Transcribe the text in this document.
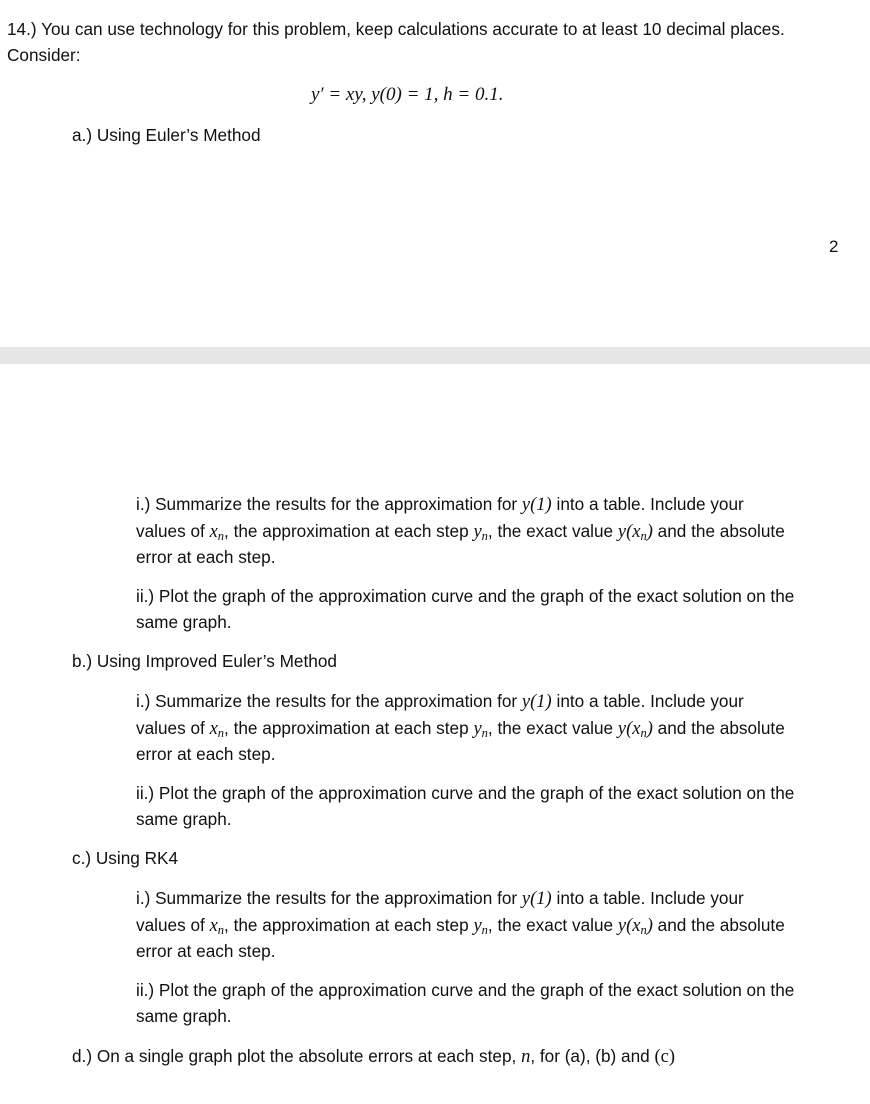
14.) You can use technology for this problem, keep calculations accurate to at least 10 decimal places.
Consider:
y′ = xy, y(0) = 1, h = 0.1.
a.) Using Euler’s Method
2
i.) Summarize the results for the approximation for y(1) into a table. Include your
values of $x_n$, the approximation at each step $y_n$, the exact value $y(x_n)$ and the absolute
error at each step.
ii.) Plot the graph of the approximation curve and the graph of the exact solution on the
same graph.
b.) Using Improved Euler’s Method
i.) Summarize the results for the approximation for y(1) into a table. Include your
values of $x_n$, the approximation at each step $y_n$, the exact value $y(x_n)$ and the absolute
error at each step.
ii.) Plot the graph of the approximation curve and the graph of the exact solution on the
same graph.
c.) Using RK4
i.) Summarize the results for the approximation for y(1) into a table. Include your
values of $x_n$, the approximation at each step $y_n$, the exact value $y(x_n)$ and the absolute
error at each step.
ii.) Plot the graph of the approximation curve and the graph of the exact solution on the
same graph.
d.) On a single graph plot the absolute errors at each step, n, for (a), (b) and (c)
